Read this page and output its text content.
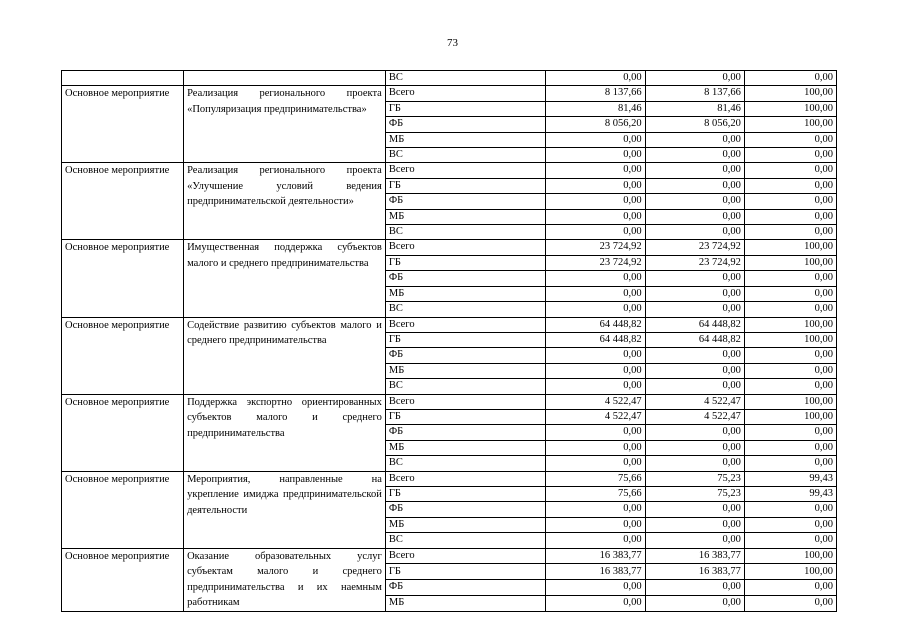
73
		ВС	0,00	0,00	0,00
Основное мероприятие	Реализация регионального проекта «Популяризация предпринимательства»	Всего	8 137,66	8 137,66	100,00
		ГБ	81,46	81,46	100,00
		ФБ	8 056,20	8 056,20	100,00
		МБ	0,00	0,00	0,00
		ВС	0,00	0,00	0,00
Основное мероприятие	Реализация регионального проекта «Улучшение условий ведения предпринимательской деятельности»	Всего	0,00	0,00	0,00
		ГБ	0,00	0,00	0,00
		ФБ	0,00	0,00	0,00
		МБ	0,00	0,00	0,00
		ВС	0,00	0,00	0,00
Основное мероприятие	Имущественная поддержка субъектов малого и среднего предпринимательства	Всего	23 724,92	23 724,92	100,00
		ГБ	23 724,92	23 724,92	100,00
		ФБ	0,00	0,00	0,00
		МБ	0,00	0,00	0,00
		ВС	0,00	0,00	0,00
Основное мероприятие	Содействие развитию субъектов малого и среднего предпринимательства	Всего	64 448,82	64 448,82	100,00
		ГБ	64 448,82	64 448,82	100,00
		ФБ	0,00	0,00	0,00
		МБ	0,00	0,00	0,00
		ВС	0,00	0,00	0,00
Основное мероприятие	Поддержка экспортно ориентированных субъектов малого и среднего предпринимательства	Всего	4 522,47	4 522,47	100,00
		ГБ	4 522,47	4 522,47	100,00
		ФБ	0,00	0,00	0,00
		МБ	0,00	0,00	0,00
		ВС	0,00	0,00	0,00
Основное мероприятие	Мероприятия, направленные на укрепление имиджа предпринимательской деятельности	Всего	75,66	75,23	99,43
		ГБ	75,66	75,23	99,43
		ФБ	0,00	0,00	0,00
		МБ	0,00	0,00	0,00
		ВС	0,00	0,00	0,00
Основное мероприятие	Оказание образовательных услуг субъектам малого и среднего предпринимательства и их наемным работникам	Всего	16 383,77	16 383,77	100,00
		ГБ	16 383,77	16 383,77	100,00
		ФБ	0,00	0,00	0,00
		МБ	0,00	0,00	0,00
